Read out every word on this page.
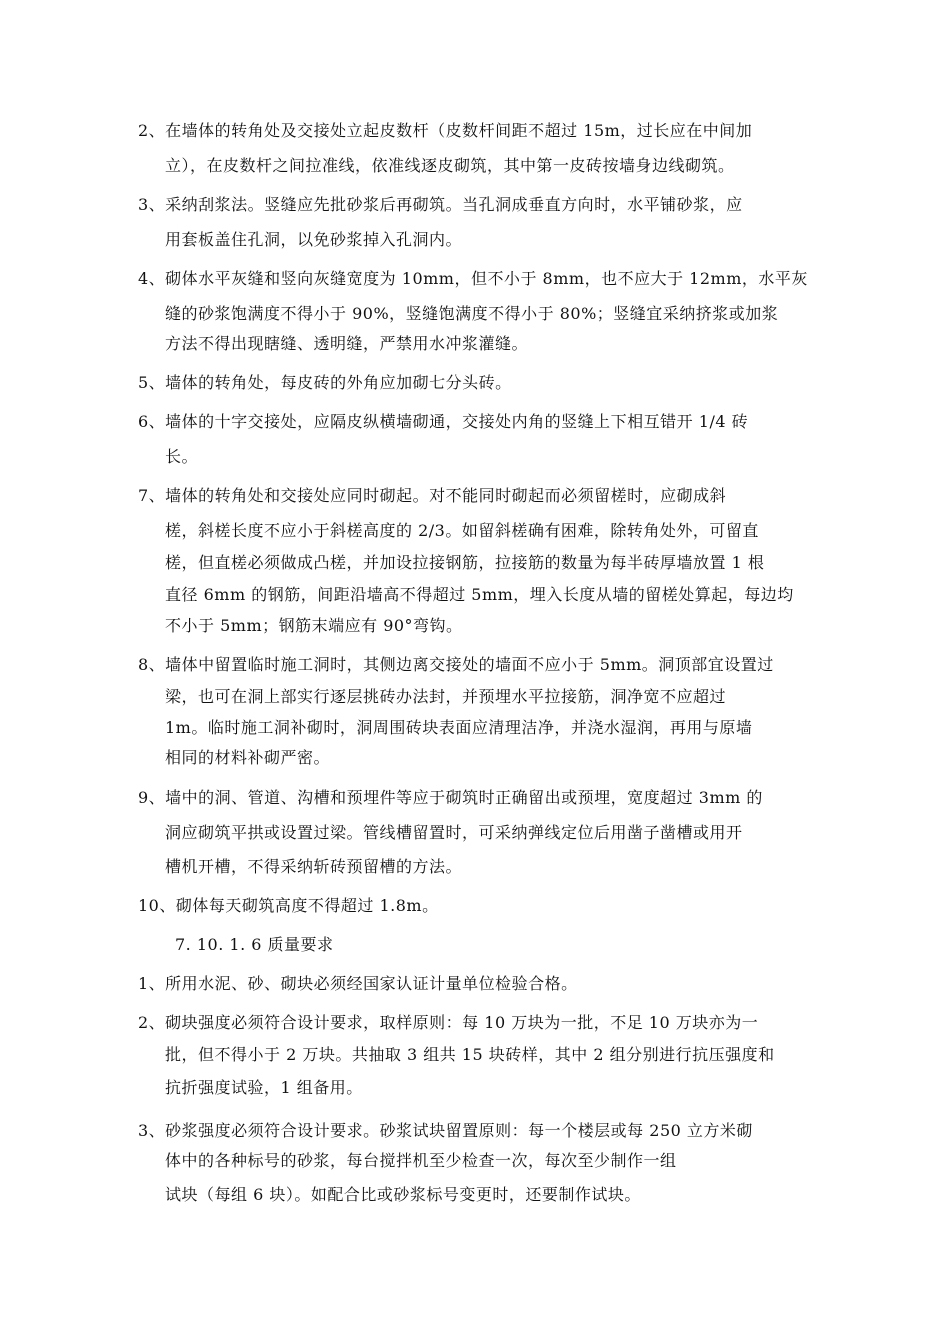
2、在墙体的转角处及交接处立起皮数杆（皮数杆间距不超过 15m，过长应在中间加
立），在皮数杆之间拉准线，依准线逐皮砌筑，其中第一皮砖按墙身边线砌筑。
3、采纳刮浆法。竖缝应先批砂浆后再砌筑。当孔洞成垂直方向时，水平铺砂浆，应
用套板盖住孔洞，以免砂浆掉入孔洞内。
4、砌体水平灰缝和竖向灰缝宽度为 10mm，但不小于 8mm，也不应大于 12mm，水平灰
缝的砂浆饱满度不得小于 90%，竖缝饱满度不得小于 80%；竖缝宜采纳挤浆或加浆
方法不得出现瞎缝、透明缝，严禁用水冲浆灌缝。
5、墙体的转角处，每皮砖的外角应加砌七分头砖。
6、墙体的十字交接处，应隔皮纵横墙砌通，交接处内角的竖缝上下相互错开 1/4 砖
长。
7、墙体的转角处和交接处应同时砌起。对不能同时砌起而必须留槎时，应砌成斜
槎，斜槎长度不应小于斜槎高度的 2/3。如留斜槎确有困难，除转角处外，可留直
槎，但直槎必须做成凸槎，并加设拉接钢筋，拉接筋的数量为每半砖厚墙放置 1 根
直径 6mm 的钢筋，间距沿墙高不得超过 5mm，埋入长度从墙的留槎处算起，每边均
不小于 5mm；钢筋末端应有 90°弯钩。
8、墙体中留置临时施工洞时，其侧边离交接处的墙面不应小于 5mm。洞顶部宜设置过
梁，也可在洞上部实行逐层挑砖办法封，并预埋水平拉接筋，洞净宽不应超过
1m。临时施工洞补砌时，洞周围砖块表面应清理洁净，并浇水湿润，再用与原墙
相同的材料补砌严密。
9、墙中的洞、管道、沟槽和预埋件等应于砌筑时正确留出或预埋，宽度超过 3mm 的
洞应砌筑平拱或设置过梁。管线槽留置时，可采纳弹线定位后用凿子凿槽或用开
槽机开槽，不得采纳斩砖预留槽的方法。
10、砌体每天砌筑高度不得超过 1.8m。
7. 10. 1. 6 质量要求
1、所用水泥、砂、砌块必须经国家认证计量单位检验合格。
2、砌块强度必须符合设计要求，取样原则：每 10 万块为一批，不足 10 万块亦为一
批，但不得小于 2 万块。共抽取 3 组共 15 块砖样，其中 2 组分别进行抗压强度和
抗折强度试验，1 组备用。
3、砂浆强度必须符合设计要求。砂浆试块留置原则：每一个楼层或每 250 立方米砌
体中的各种标号的砂浆，每台搅拌机至少检查一次，每次至少制作一组
试块（每组 6 块）。如配合比或砂浆标号变更时，还要制作试块。
